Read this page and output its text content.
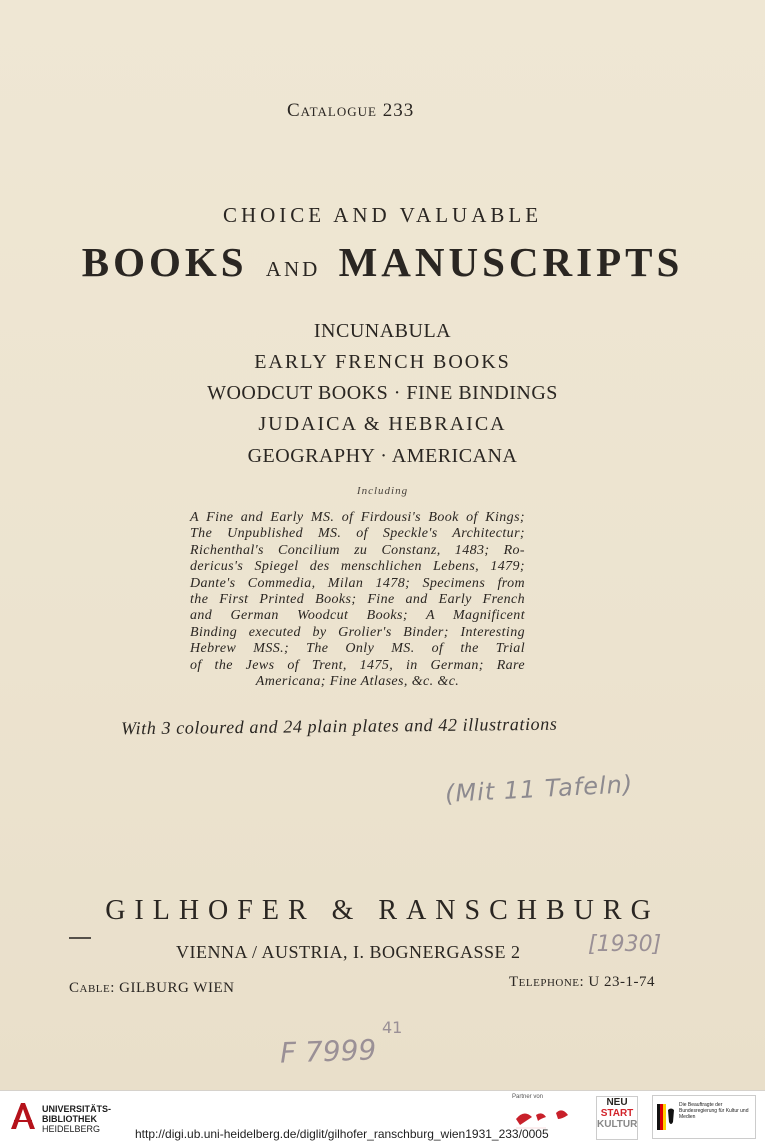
Catalogue 233
CHOICE AND VALUABLE
BOOKS AND MANUSCRIPTS
INCUNABULA
EARLY FRENCH BOOKS
WOODCUT BOOKS · FINE BINDINGS
JUDAICA & HEBRAICA
GEOGRAPHY · AMERICANA
Including
A Fine and Early MS. of Firdousi's Book of Kings;
The Unpublished MS. of Speckle's Architectur;
Richenthal's Concilium zu Constanz, 1483; Ro-
dericus's Spiegel des menschlichen Lebens, 1479;
Dante's Commedia, Milan 1478; Specimens from
the First Printed Books; Fine and Early French
and German Woodcut Books; A Magnificent
Binding executed by Grolier's Binder; Interesting
Hebrew MSS.; The Only MS. of the Trial
of the Jews of Trent, 1475, in German; Rare
Americana; Fine Atlases, &c. &c.
With 3 coloured and 24 plain plates and 42 illustrations
(Mit 11 Tafeln)
GILHOFER & RANSCHBURG
VIENNA / AUSTRIA, I. BOGNERGASSE 2	[1930]
Cable: GILBURG WIEN	Telephone: U 23-1-74
41
F 7999
UNIVERSITÄTS-
BIBLIOTHEK
HEIDELBERG
Partner von	NEU
START
KULTUR
Die Beauftragte der Bundesregierung für Kultur und Medien
http://digi.ub.uni-heidelberg.de/diglit/gilhofer_ranschburg_wien1931_233/0005
